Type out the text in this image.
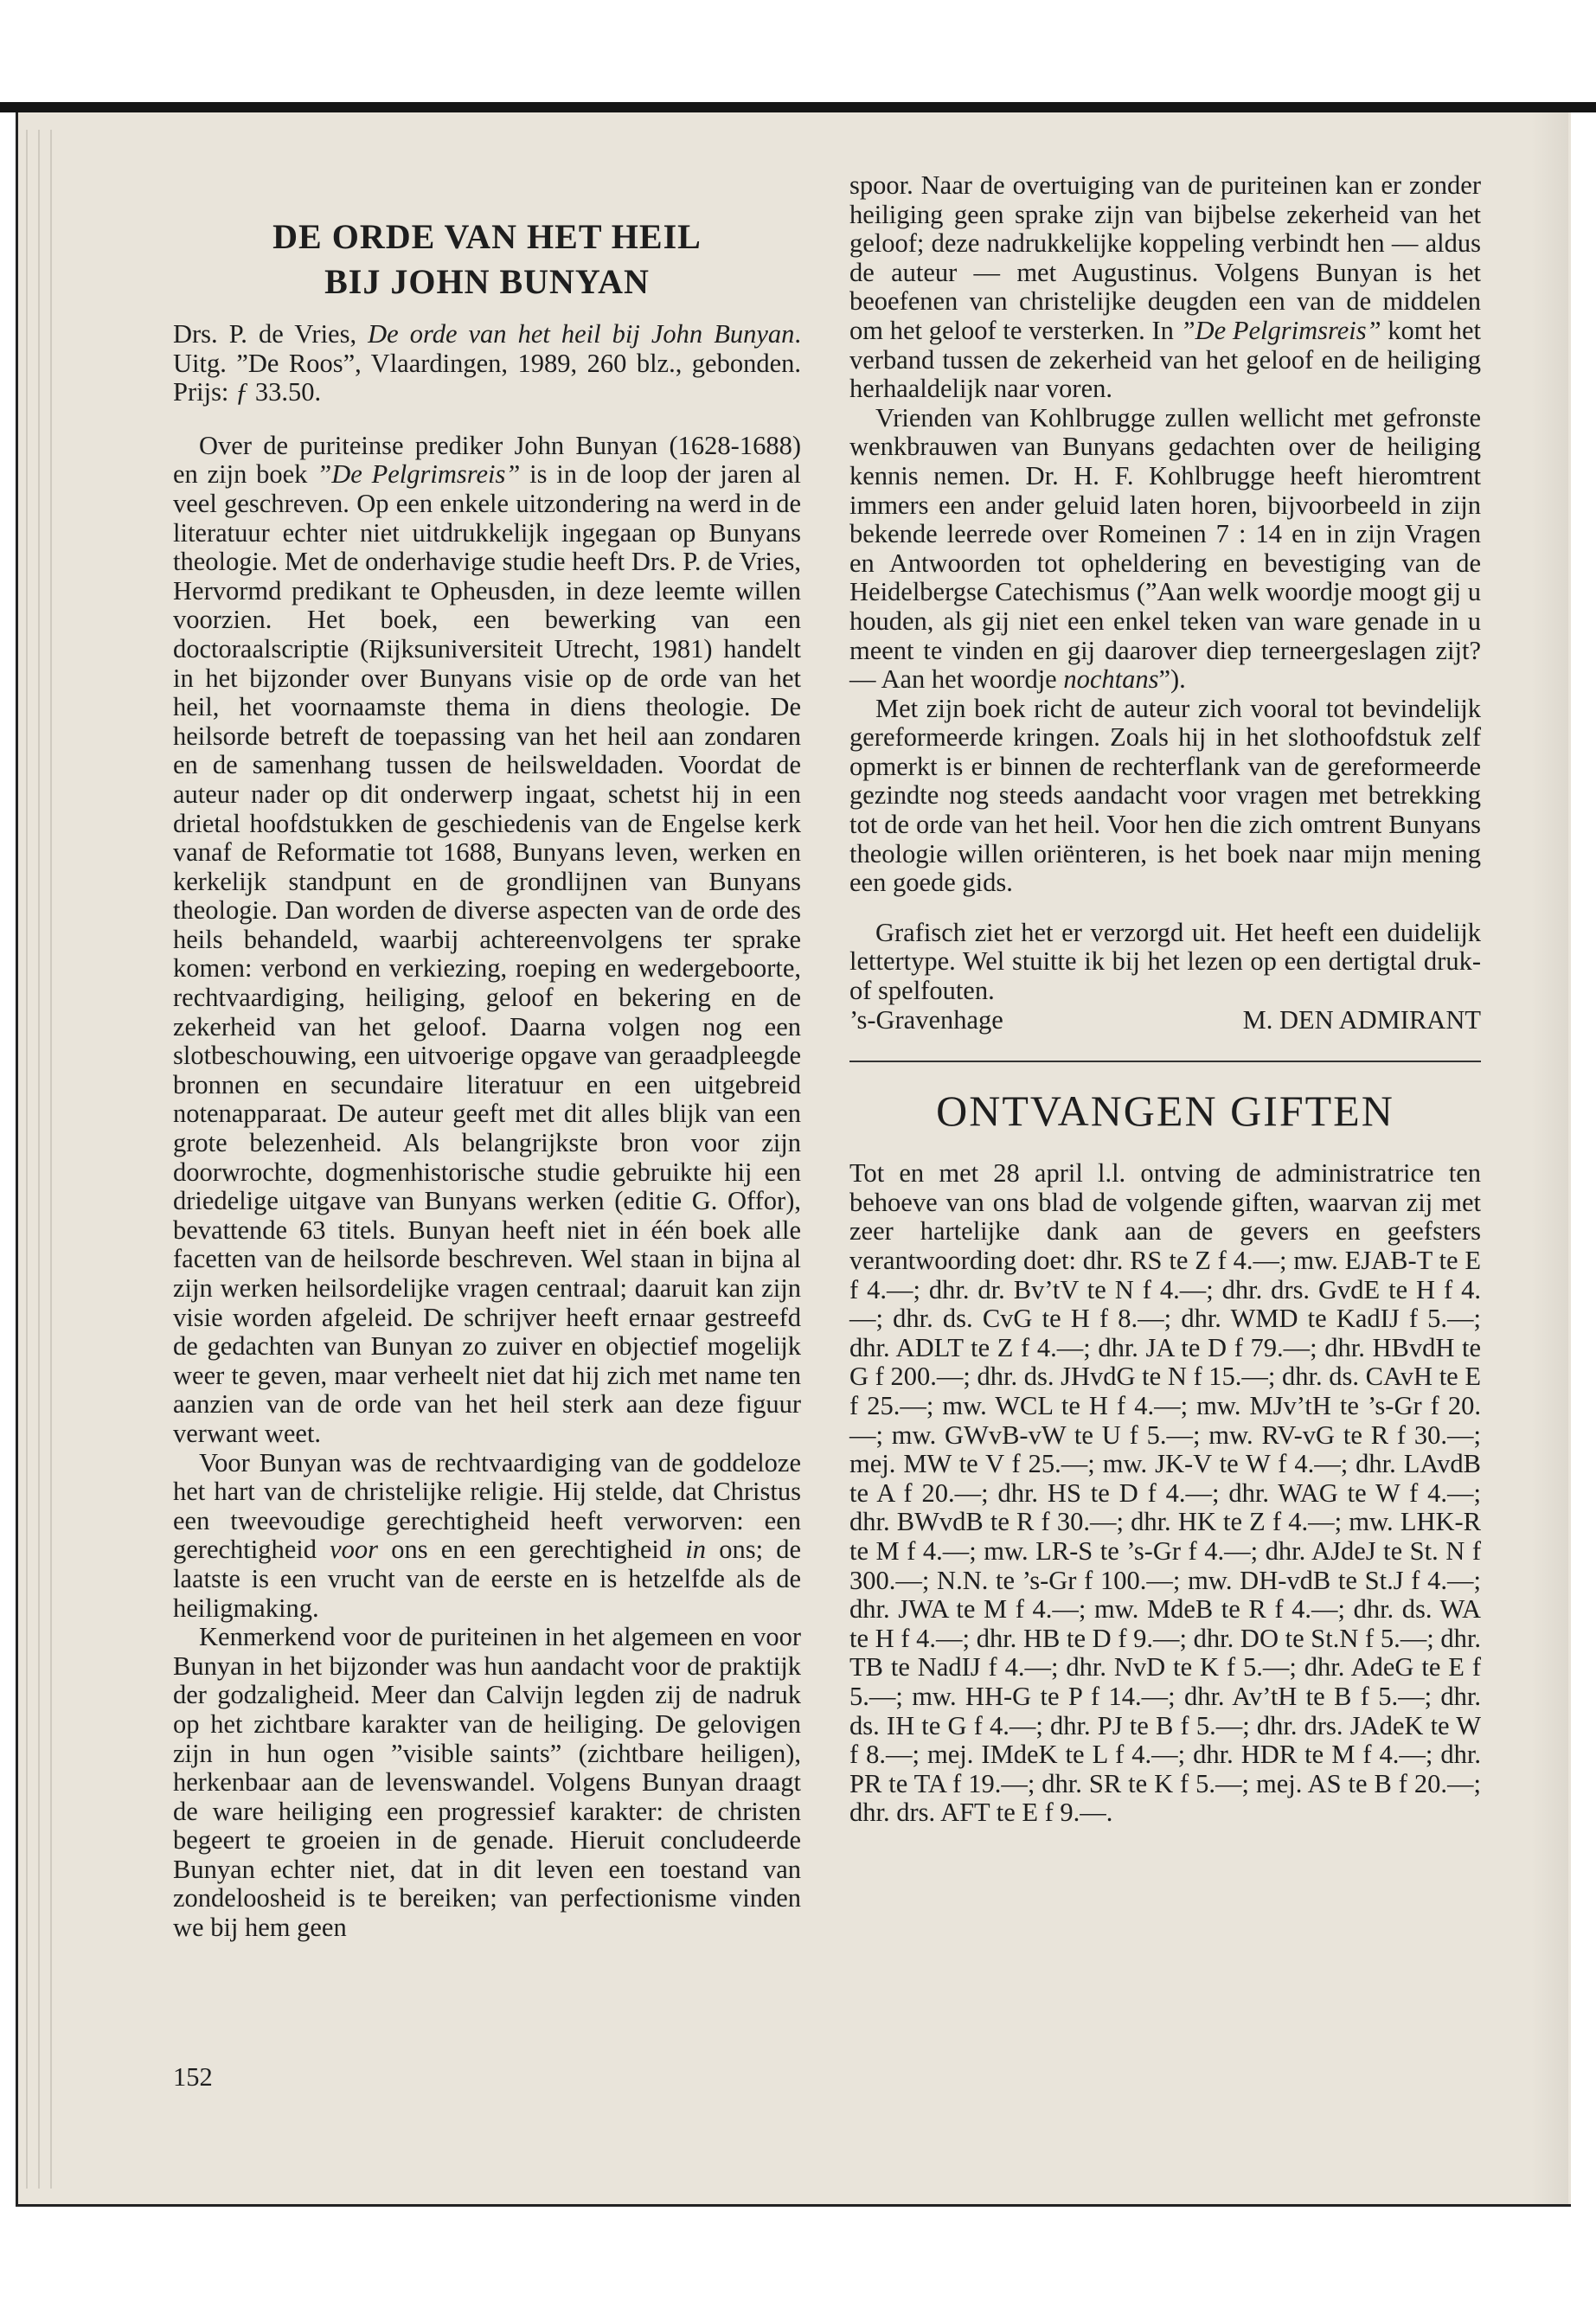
DE ORDE VAN HET HEIL
BIJ JOHN BUNYAN

Drs. P. de Vries, De orde van het heil bij John Bunyan. Uitg. ”De Roos”, Vlaardingen, 1989, 260 blz., gebonden. Prijs: ƒ 33.50.

Over de puriteinse prediker John Bunyan (1628-1688) en zijn boek ”De Pelgrimsreis” is in de loop der jaren al veel geschreven. Op een enkele uitzondering na werd in de literatuur echter niet uitdrukkelijk ingegaan op Bunyans theologie. Met de onderhavige studie heeft Drs. P. de Vries, Hervormd predikant te Opheusden, in deze leemte willen voorzien. Het boek, een bewerking van een doctoraalscriptie (Rijksuniversiteit Utrecht, 1981) handelt in het bijzonder over Bunyans visie op de orde van het heil, het voornaamste thema in diens theologie. De heilsorde betreft de toepassing van het heil aan zondaren en de samenhang tussen de heilsweldaden. Voordat de auteur nader op dit onderwerp ingaat, schetst hij in een drietal hoofdstukken de geschiedenis van de Engelse kerk vanaf de Reformatie tot 1688, Bunyans leven, werken en kerkelijk standpunt en de grondlijnen van Bunyans theologie. Dan worden de diverse aspecten van de orde des heils behandeld, waarbij achtereenvolgens ter sprake komen: verbond en verkiezing, roeping en wedergeboorte, rechtvaardiging, heiliging, geloof en bekering en de zekerheid van het geloof. Daarna volgen nog een slotbeschouwing, een uitvoerige opgave van geraadpleegde bronnen en secundaire literatuur en een uitgebreid notenapparaat. De auteur geeft met dit alles blijk van een grote belezenheid. Als belangrijkste bron voor zijn doorwrochte, dogmenhistorische studie gebruikte hij een driedelige uitgave van Bunyans werken (editie G. Offor), bevattende 63 titels. Bunyan heeft niet in één boek alle facetten van de heilsorde beschreven. Wel staan in bijna al zijn werken heilsordelijke vragen centraal; daaruit kan zijn visie worden afgeleid. De schrijver heeft ernaar gestreefd de gedachten van Bunyan zo zuiver en objectief mogelijk weer te geven, maar verheelt niet dat hij zich met name ten aanzien van de orde van het heil sterk aan deze figuur verwant weet.

Voor Bunyan was de rechtvaardiging van de goddeloze het hart van de christelijke religie. Hij stelde, dat Christus een tweevoudige gerechtigheid heeft verworven: een gerechtigheid voor ons en een gerechtigheid in ons; de laatste is een vrucht van de eerste en is hetzelfde als de heiligmaking.

Kenmerkend voor de puriteinen in het algemeen en voor Bunyan in het bijzonder was hun aandacht voor de praktijk der godzaligheid. Meer dan Calvijn legden zij de nadruk op het zichtbare karakter van de heiliging. De gelovigen zijn in hun ogen ”visible saints” (zichtbare heiligen), herkenbaar aan de levenswandel. Volgens Bunyan draagt de ware heiliging een progressief karakter: de christen begeert te groeien in de genade. Hieruit concludeerde Bunyan echter niet, dat in dit leven een toestand van zondeloosheid is te bereiken; van perfectionisme vinden we bij hem geen

152

spoor. Naar de overtuiging van de puriteinen kan er zonder heiliging geen sprake zijn van bijbelse zekerheid van het geloof; deze nadrukkelijke koppeling verbindt hen — aldus de auteur — met Augustinus. Volgens Bunyan is het beoefenen van christelijke deugden een van de middelen om het geloof te versterken. In ”De Pelgrimsreis” komt het verband tussen de zekerheid van het geloof en de heiliging herhaaldelijk naar voren.

Vrienden van Kohlbrugge zullen wellicht met gefronste wenkbrauwen van Bunyans gedachten over de heiliging kennis nemen. Dr. H. F. Kohlbrugge heeft hieromtrent immers een ander geluid laten horen, bijvoorbeeld in zijn bekende leerrede over Romeinen 7 : 14 en in zijn Vragen en Antwoorden tot opheldering en bevestiging van de Heidelbergse Catechismus (”Aan welk woordje moogt gij u houden, als gij niet een enkel teken van ware genade in u meent te vinden en gij daarover diep terneergeslagen zijt? — Aan het woordje nochtans”).

Met zijn boek richt de auteur zich vooral tot bevindelijk gereformeerde kringen. Zoals hij in het slothoofdstuk zelf opmerkt is er binnen de rechterflank van de gereformeerde gezindte nog steeds aandacht voor vragen met betrekking tot de orde van het heil. Voor hen die zich omtrent Bunyans theologie willen oriënteren, is het boek naar mijn mening een goede gids.

Grafisch ziet het er verzorgd uit. Het heeft een duidelijk lettertype. Wel stuitte ik bij het lezen op een dertigtal druk- of spelfouten.

’s-Gravenhage	M. DEN ADMIRANT
ONTVANGEN GIFTEN

Tot en met 28 april l.l. ontving de administratrice ten behoeve van ons blad de volgende giften, waarvan zij met zeer hartelijke dank aan de gevers en geefsters verantwoording doet: dhr. RS te Z f 4.—; mw. EJAB-T te E f 4.—; dhr. dr. Bv’tV te N f 4.—; dhr. drs. GvdE te H f 4.—; dhr. ds. CvG te H f 8.—; dhr. WMD te KadIJ f 5.—; dhr. ADLT te Z f 4.—; dhr. JA te D f 79.—; dhr. HBvdH te G f 200.—; dhr. ds. JHvdG te N f 15.—; dhr. ds. CAvH te E f 25.—; mw. WCL te H f 4.—; mw. MJv’tH te ’s-Gr f 20.—; mw. GWvB-vW te U f 5.—; mw. RV-vG te R f 30.—; mej. MW te V f 25.—; mw. JK-V te W f 4.—; dhr. LAvdB te A f 20.—; dhr. HS te D f 4.—; dhr. WAG te W f 4.—; dhr. BWvdB te R f 30.—; dhr. HK te Z f 4.—; mw. LHK-R te M f 4.—; mw. LR-S te ’s-Gr f 4.—; dhr. AJdeJ te St. N f 300.—; N.N. te ’s-Gr f 100.—; mw. DH-vdB te St.J f 4.—; dhr. JWA te M f 4.—; mw. MdeB te R f 4.—; dhr. ds. WA te H f 4.—; dhr. HB te D f 9.—; dhr. DO te St.N f 5.—; dhr. TB te NadIJ f 4.—; dhr. NvD te K f 5.—; dhr. AdeG te E f 5.—; mw. HH-G te P f 14.—; dhr. Av’tH te B f 5.—; dhr. ds. IH te G f 4.—; dhr. PJ te B f 5.—; dhr. drs. JAdeK te W f 8.—; mej. IMdeK te L f 4.—; dhr. HDR te M f 4.—; dhr. PR te TA f 19.—; dhr. SR te K f 5.—; mej. AS te B f 20.—; dhr. drs. AFT te E f 9.—.
